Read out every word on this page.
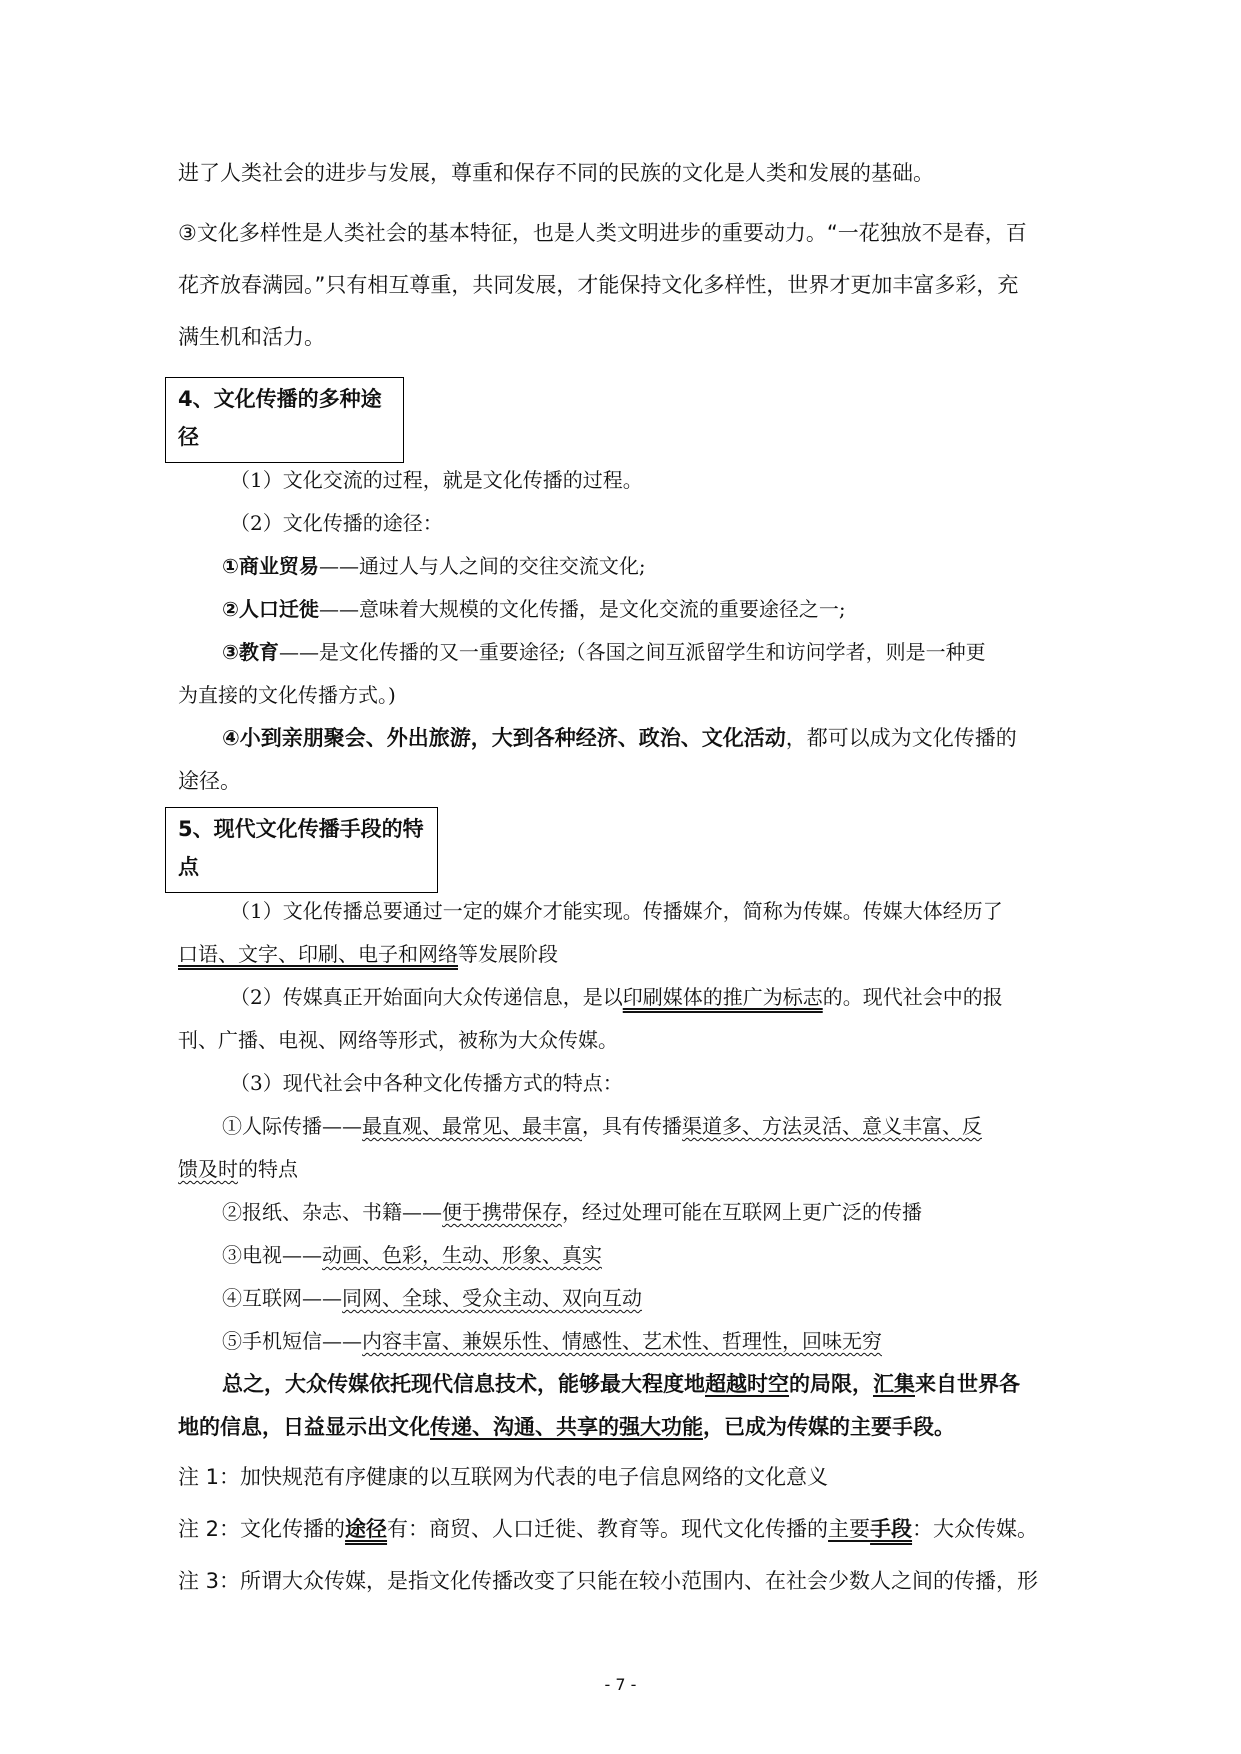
进了人类社会的进步与发展，尊重和保存不同的民族的文化是人类和发展的基础。
③文化多样性是人类社会的基本特征，也是人类文明进步的重要动力。“一花独放不是春，百
花齐放春满园。”只有相互尊重，共同发展，才能保持文化多样性，世界才更加丰富多彩，充
满生机和活力。
4、文化传播的多种途
径
（1）文化交流的过程，就是文化传播的过程。
（2）文化传播的途径：
①商业贸易——通过人与人之间的交往交流文化;
②人口迁徙——意味着大规模的文化传播，是文化交流的重要途径之一;
③教育——是文化传播的又一重要途径;（各国之间互派留学生和访问学者，则是一种更
为直接的文化传播方式。)
④小到亲朋聚会、外出旅游，大到各种经济、政治、文化活动，都可以成为文化传播的
途径。
5、现代文化传播手段的特
点
（1）文化传播总要通过一定的媒介才能实现。传播媒介，简称为传媒。传媒大体经历了
口语、文字、印刷、电子和网络等发展阶段
（2）传媒真正开始面向大众传递信息，是以印刷媒体的推广为标志的。现代社会中的报
刊、广播、电视、网络等形式，被称为大众传媒。
（3）现代社会中各种文化传播方式的特点：
①人际传播——最直观、最常见、最丰富，具有传播渠道多、方法灵活、意义丰富、反
馈及时的特点
②报纸、杂志、书籍——便于携带保存，经过处理可能在互联网上更广泛的传播
③电视——动画、色彩，生动、形象、真实
④互联网——同网、全球、受众主动、双向互动
⑤手机短信——内容丰富、兼娱乐性、情感性、艺术性、哲理性，回味无穷
总之，大众传媒依托现代信息技术，能够最大程度地超越时空的局限，汇集来自世界各
地的信息，日益显示出文化传递、沟通、共享的强大功能，已成为传媒的主要手段。
注 1：加快规范有序健康的以互联网为代表的电子信息网络的文化意义
注 2：文化传播的途径有：商贸、人口迁徙、教育等。现代文化传播的主要手段：大众传媒。
注 3：所谓大众传媒，是指文化传播改变了只能在较小范围内、在社会少数人之间的传播，形
- 7 -
